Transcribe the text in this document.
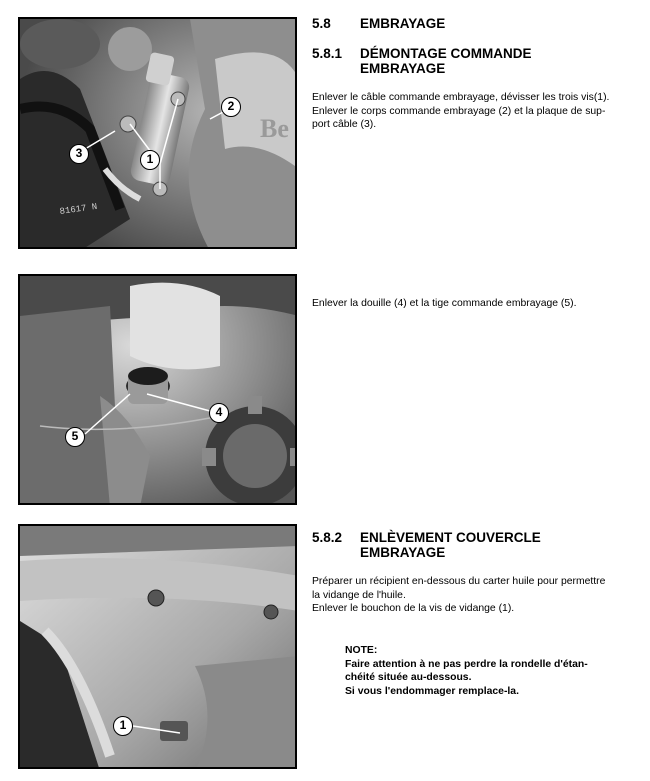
Be
81617 N
1
2
3
4
5
1
5.8 EMBRAYAGE
5.8.1 DÉMONTAGE COMMANDE
EMBRAYAGE

Enlever le câble commande embrayage, dévisser les trois vis(1).

Enlever le corps commande embrayage (2) et la plaque de sup-

port câble (3).

Enlever la douille (4) et la tige commande embrayage (5).

5.8.2 ENLÈVEMENT COUVERCLE
EMBRAYAGE

Préparer un récipient en-dessous du carter huile pour permettre

la vidange de l'huile.

Enlever le bouchon de la vis de vidange (1).

NOTE:

Faire attention à ne pas perdre la rondelle d'étan-

chéité située au-dessous.

Si vous l'endommager remplace-la.
